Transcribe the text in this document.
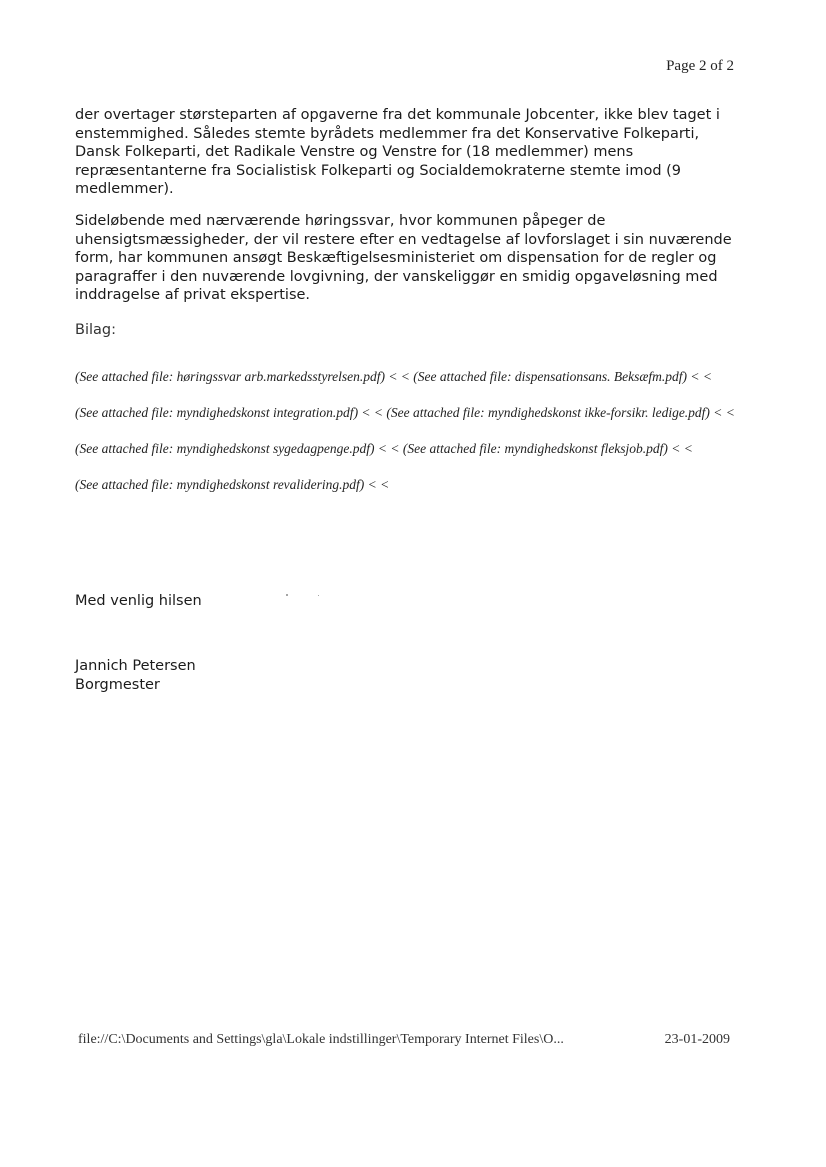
Page 2 of 2
der overtager størsteparten af opgaverne fra det kommunale Jobcenter, ikke blev taget i enstemmighed. Således stemte byrådets medlemmer fra det Konservative Folkeparti, Dansk Folkeparti, det Radikale Venstre og Venstre for (18 medlemmer) mens repræsentanterne fra Socialistisk Folkeparti og Socialdemokraterne stemte imod (9 medlemmer).
Sideløbende med nærværende høringssvar, hvor kommunen påpeger de uhensigtsmæssigheder, der vil restere efter en vedtagelse af lovforslaget i sin nuværende form, har kommunen ansøgt Beskæftigelsesministeriet om dispensation for de regler og paragraffer i den nuværende lovgivning, der vanskeliggør en smidig opgaveløsning med inddragelse af privat ekspertise.
Bilag:
(See attached file: høringssvar arb.markedsstyrelsen.pdf) < < (See attached file: dispensationsans. Beksæfm.pdf) < <
(See attached file: myndighedskonst integration.pdf) < < (See attached file: myndighedskonst ikke-forsikr. ledige.pdf) < <
(See attached file: myndighedskonst sygedagpenge.pdf) < < (See attached file: myndighedskonst fleksjob.pdf) < <
(See attached file: myndighedskonst revalidering.pdf) < <
Med venlig hilsen
Jannich Petersen
Borgmester
file://C:\Documents and Settings\gla\Lokale indstillinger\Temporary Internet Files\O...	23-01-2009
